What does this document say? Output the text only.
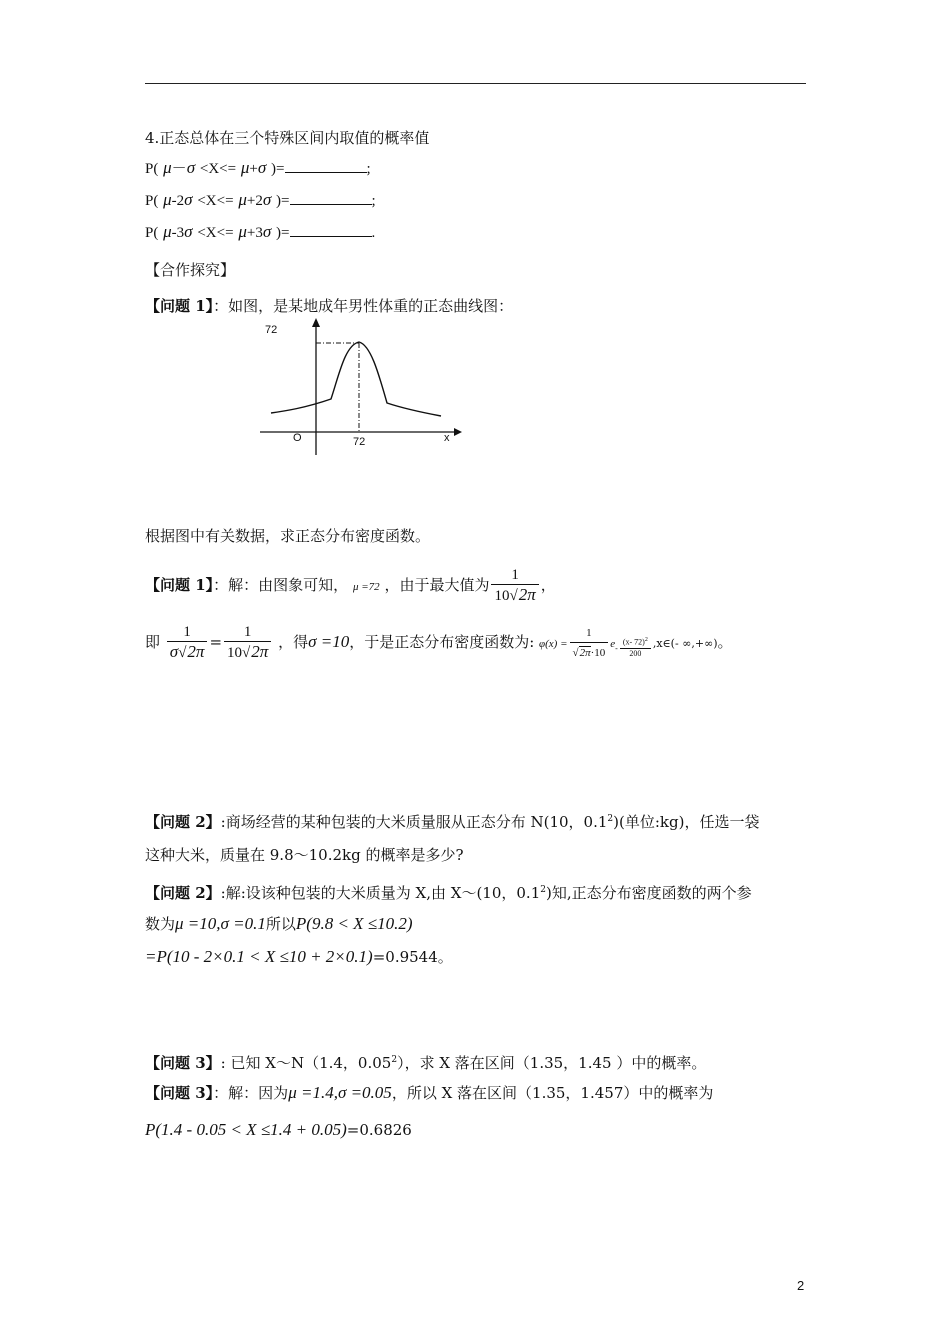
4.正态总体在三个特殊区间内取值的概率值
P( μ－σ <X<= μ+σ )=	;
P( μ-2σ <X<= μ+2σ )=	;
P( μ-3σ <X<= μ+3σ )=	.
【合作探究】
【问题 1】：如图，是某地成年男性体重的正态曲线图：
72
O	72	x
根据图中有关数据，求正态分布密度函数。
【问题 1】：解：由图象可知， μ =72 ，由于最大值为 $\frac{1}{10√2\pi}$ ，
即 $\frac{1}{\sigma√2\pi} = \frac{1}{10√2\pi}$ ，得σ =10，于是正态分布密度函数为: $\varphi(x) = \frac{1}{√2\pi\cdot 10} e- \frac{(x- 72)^2}{200}$ ,x∈(- ∞,+∞)。
【问题 2】:商场经营的某种包装的大米质量服从正态分布 N(10，$0.1^2$)(单位:kg)，任选一袋
这种大米，质量在 9.8～10.2kg 的概率是多少?
【问题 2】:解:设该种包装的大米质量为 X,由 X～(10，$0.1^2$)知,正态分布密度函数的两个参
数为μ =10,σ =0.1所以P(9.8 < X ≤10.2)
=P(10 - 2×0.1 < X ≤10 + 2×0.1)=0.9544。
【问题 3】: 已知 X～N（1.4，0.05$^2$），求 X 落在区间（1.35，1.45 ）中的概率。
【问题 3】：解：因为μ =1.4,σ =0.05，所以 X 落在区间（1.35，1.457）中的概率为
P(1.4 - 0.05 < X ≤1.4 + 0.05)=0.6826
2
